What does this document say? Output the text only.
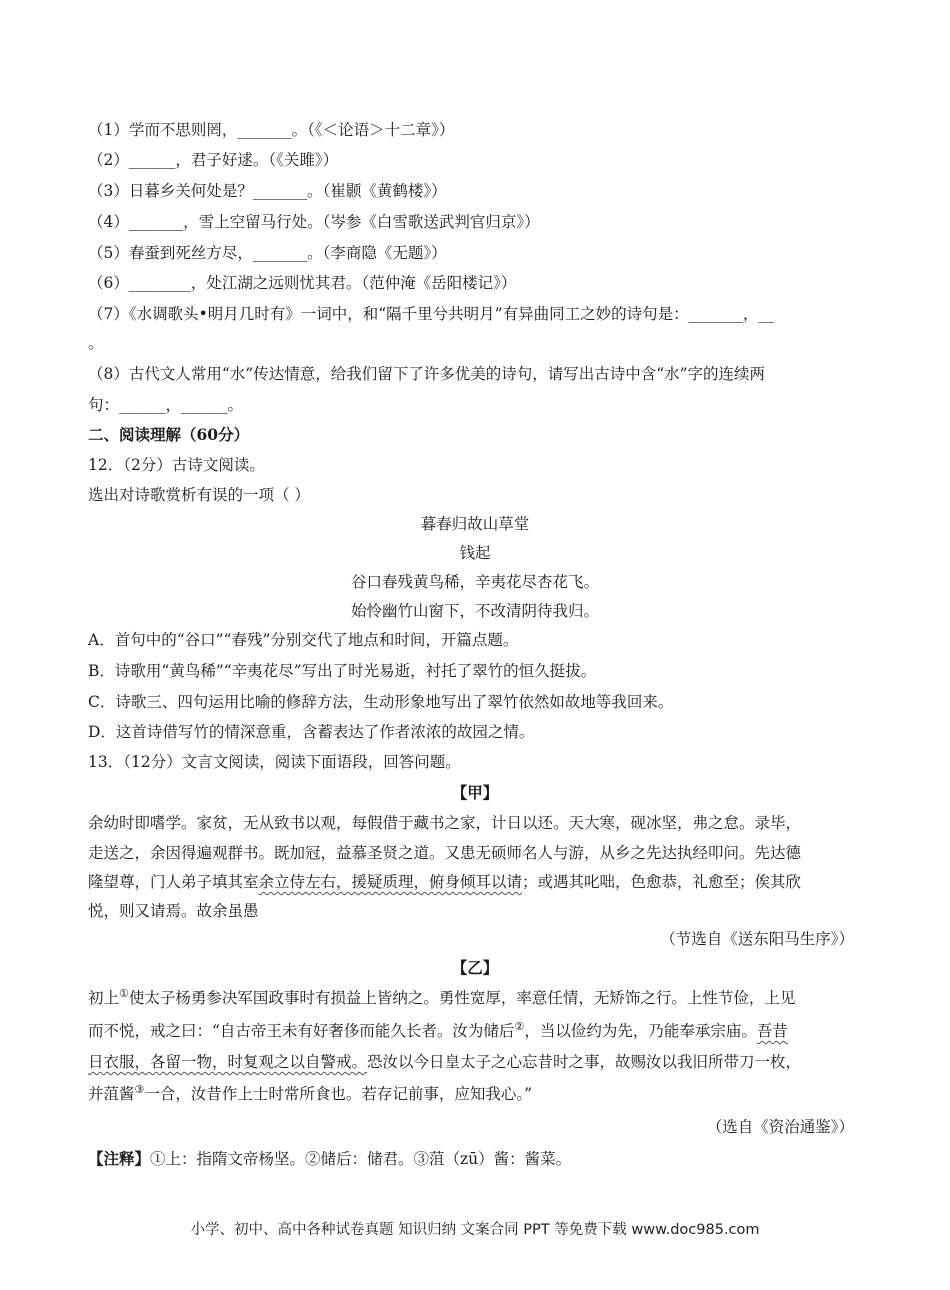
（1）学而不思则罔，_______。（《＜论语＞十二章》）
（2）______，君子好逑。（《关雎》）
（3）日暮乡关何处是？_______。（崔颢《黄鹤楼》）
（4）_______，雪上空留马行处。（岑参《白雪歌送武判官归京》）
（5）春蚕到死丝方尽，_______。（李商隐《无题》）
（6）________，处江湖之远则忧其君。（范仲淹《岳阳楼记》）
（7）《水调歌头•明月几时有》一词中，和“隔千里兮共明月”有异曲同工之妙的诗句是：_______，__
。
（8）古代文人常用“水”传达情意，给我们留下了许多优美的诗句，请写出古诗中含“水”字的连续两
句：______，______。
二、阅读理解（60分）
12．（2分）古诗文阅读。
选出对诗歌赏析有误的一项（ ）
暮春归故山草堂
钱起
谷口春残黄鸟稀，辛夷花尽杏花飞。
始怜幽竹山窗下，不改清阴待我归。
A．首句中的“谷口”“春残”分别交代了地点和时间，开篇点题。
B．诗歌用“黄鸟稀”“辛夷花尽”写出了时光易逝，衬托了翠竹的恒久挺拔。
C．诗歌三、四句运用比喻的修辞方法，生动形象地写出了翠竹依然如故地等我回来。
D．这首诗借写竹的情深意重，含蓄表达了作者浓浓的故园之情。
13．（12分）文言文阅读，阅读下面语段，回答问题。
【甲】
余幼时即嗜学。家贫，无从致书以观，每假借于藏书之家，计日以还。天大寒，砚冰坚，弗之怠。录毕，
走送之，余因得遍观群书。既加冠，益慕圣贤之道。又患无硕师名人与游，从乡之先达执经叩问。先达德
隆望尊，门人弟子填其室余立侍左右，援疑质理，俯身倾耳以请；或遇其叱咄，色愈恭，礼愈至；俟其欣
悦，则又请焉。故余虽愚
（节选自《送东阳马生序》）
【乙】
初上①使太子杨勇参决军国政事时有损益上皆纳之。勇性宽厚，率意任情，无矫饰之行。上性节俭，上见
而不悦，戒之曰：“自古帝王未有好奢侈而能久长者。汝为储后②，当以俭约为先，乃能奉承宗庙。吾昔
日衣服，各留一物，时复观之以自警戒。恐汝以今日皇太子之心忘昔时之事，故赐汝以我旧所带刀一枚，
并菹酱③一合，汝昔作上士时常所食也。若存记前事，应知我心。”
（选自《资治通鉴》）
【注释】①上：指隋文帝杨坚。②储后：储君。③菹（zū）酱：酱菜。
小学、初中、高中各种试卷真题 知识归纳 文案合同 PPT 等免费下载 www.doc985.com
